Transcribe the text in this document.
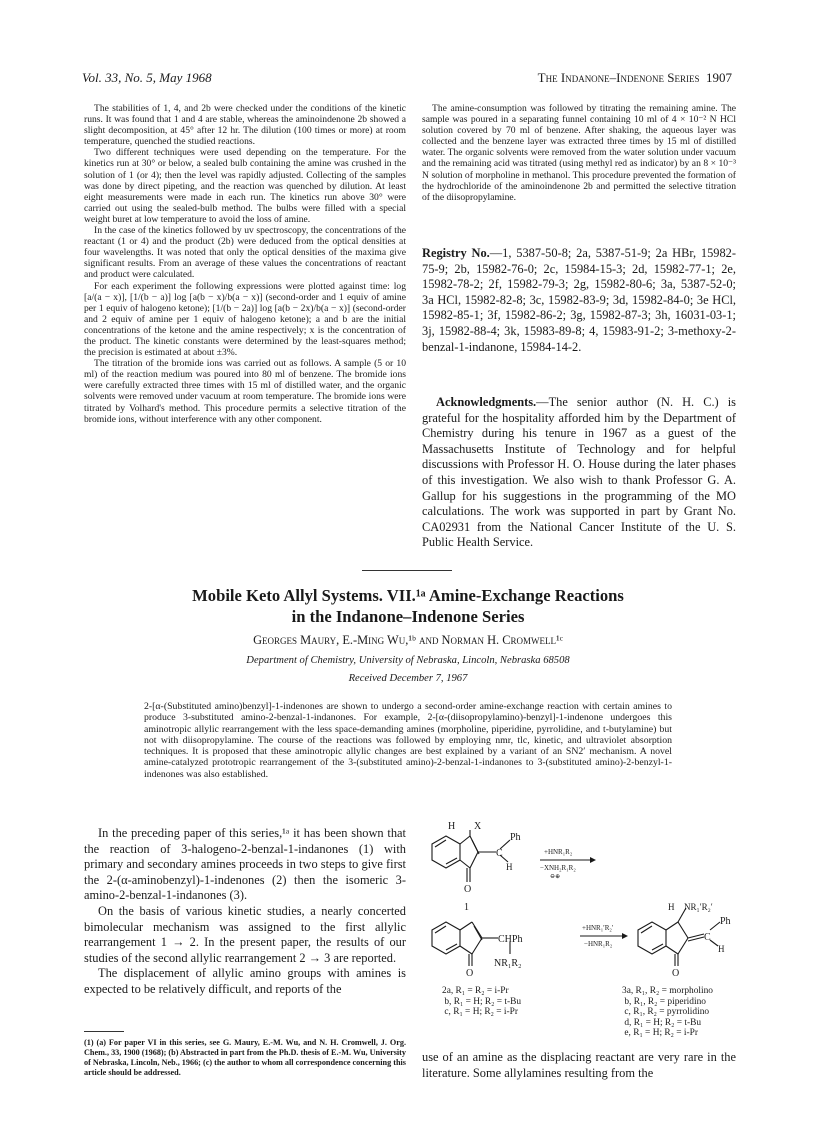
Vol. 33, No. 5, May 1968	The Indanone–Indenone Series 1907

The stabilities of 1, 4, and 2b were checked under the conditions of the kinetic runs. It was found that 1 and 4 are stable, whereas the aminoindenone 2b showed a slight decomposition, at 45° after 12 hr. The dilution (100 times or more) at room temperature, quenched the studied reactions.

Two different techniques were used depending on the temperature. For the kinetics run at 30° or below, a sealed bulb containing the amine was crushed in the solution of 1 (or 4); then the level was rapidly adjusted. Collecting of the samples was done by direct pipeting, and the reaction was quenched by dilution. At least eight measurements were made in each run. The kinetics run above 30° were carried out using the sealed-bulb method. The bulbs were filled with a special weight buret at low temperature to avoid the loss of amine.

In the case of the kinetics followed by uv spectroscopy, the concentrations of the reactant (1 or 4) and the product (2b) were deduced from the optical densities at four wavelengths. It was noted that only the optical densities of the maxima give significant results. From an average of these values the concentrations of reactant and product were calculated.

For each experiment the following expressions were plotted against time: log [a/(a − x)], [1/(b − a)] log [a(b − x)/b(a − x)] (second-order and 1 equiv of amine per 1 equiv of halogeno ketone); [1/(b − 2a)] log [a(b − 2x)/b(a − x)] (second-order and 2 equiv of amine per 1 equiv of halogeno ketone); a and b are the initial concentrations of the ketone and the amine respectively; x is the concentration of the product. The kinetic constants were determined by the least-squares method; the precision is estimated at about ±3%.

The titration of the bromide ions was carried out as follows. A sample (5 or 10 ml) of the reaction medium was poured into 80 ml of benzene. The bromide ions were carefully extracted three times with 15 ml of distilled water, and the organic solvents were removed under vacuum at room temperature. The bromide ions were titrated by Volhard's method. This procedure permits a selective titration of the bromide ions, without interference with any other component.

The amine-consumption was followed by titrating the remaining amine. The sample was poured in a separating funnel containing 10 ml of 4 × 10⁻² N HCl solution covered by 70 ml of benzene. After shaking, the aqueous layer was collected and the benzene layer was extracted three times by 15 ml of distilled water. The organic solvents were removed from the water solution under vacuum and the remaining acid was titrated (using methyl red as indicator) by an 8 × 10⁻³ N solution of morpholine in methanol. This procedure prevented the formation of the hydrochloride of the aminoindenone 2b and permitted the selective titration of the diisopropylamine.

Registry No.—1, 5387-50-8; 2a, 5387-51-9; 2a HBr, 15982-75-9; 2b, 15982-76-0; 2c, 15984-15-3; 2d, 15982-77-1; 2e, 15982-78-2; 2f, 15982-79-3; 2g, 15982-80-6; 3a, 5387-52-0; 3a HCl, 15982-82-8; 3c, 15982-83-9; 3d, 15982-84-0; 3e HCl, 15982-85-1; 3f, 15982-86-2; 3g, 15982-87-3; 3h, 16031-03-1; 3j, 15982-88-4; 3k, 15983-89-8; 4, 15983-91-2; 3-methoxy-2-benzal-1-indanone, 15984-14-2.

Acknowledgments.—The senior author (N. H. C.) is grateful for the hospitality afforded him by the Department of Chemistry during his tenure in 1967 as a guest of the Massachusetts Institute of Technology and for helpful discussions with Professor H. O. House during the later phases of this investigation. We also wish to thank Professor G. A. Gallup for his suggestions in the programming of the MO calculations. The work was supported in part by Grant No. CA02931 from the National Cancer Institute of the U. S. Public Health Service.

Mobile Keto Allyl Systems. VII.¹ᵃ Amine-Exchange Reactions
in the Indanone–Indenone Series
Georges Maury, E.-Ming Wu,¹ᵇ and Norman H. Cromwell¹ᶜ
Department of Chemistry, University of Nebraska, Lincoln, Nebraska 68508
Received December 7, 1967
2-[α-(Substituted amino)benzyl]-1-indenones are shown to undergo a second-order amine-exchange reaction with certain amines to produce 3-substituted amino-2-benzal-1-indanones. For example, 2-[α-(diisopropylamino)-benzyl]-1-indenone undergoes this aminotropic allylic rearrangement with the less space-demanding amines (morpholine, piperidine, pyrrolidine, and t-butylamine) but not with diisopropylamine. The course of the reactions was followed by employing nmr, tlc, kinetic, and ultraviolet absorption techniques. It is proposed that these aminotropic allylic changes are best explained by a variant of an SN2′ mechanism. A novel amine-catalyzed prototropic rearrangement of the 3-(substituted amino)-2-benzal-1-indanones to 3-(substituted amino)-2-benzyl-1-indenones was also established.

In the preceding paper of this series,¹ᵃ it has been shown that the reaction of 3-halogeno-2-benzal-1-indanones (1) with primary and secondary amines proceeds in two steps to give first the 2-(α-aminobenzyl)-1-indenones (2) then the isomeric 3-amino-2-benzal-1-indanones (3).

On the basis of various kinetic studies, a nearly concerted bimolecular mechanism was assigned to the first allylic rearrangement 1 → 2. In the present paper, the results of our studies of the second allylic rearrangement 2 → 3 are reported.

The displacement of allylic amino groups with amines is expected to be relatively difficult, and reports of the

(1) (a) For paper VI in this series, see G. Maury, E.-M. Wu, and N. H. Cromwell, J. Org. Chem., 33, 1900 (1968); (b) Abstracted in part from the Ph.D. thesis of E.-M. Wu, University of Nebraska, Lincoln, Neb., 1966; (c) the author to whom all correspondence concerning this article should be addressed.

use of an amine as the displacing reactant are very rare in the literature. Some allylamines resulting from the

H X
Ph
C
H
O
1
+HNR₁R₂
−XNH₂R₁R₂
⊖⊕
CHPh
O
NR₁R₂
+HNR₁′R₂′
−HNR₁R₂
H NR₁′R₂′
Ph
C
H
O
2a, R₁ = R₂ = i-Pr
b, R₁ = H; R₂ = t-Bu
c, R₁ = H; R₂ = i-Pr
3a, R₁, R₂ = morpholino
b, R₁, R₂ = piperidino
c, R₁, R₂ = pyrrolidino
d, R₁ = H; R₂ = t-Bu
e, R₁ = H; R₂ = i-Pr
